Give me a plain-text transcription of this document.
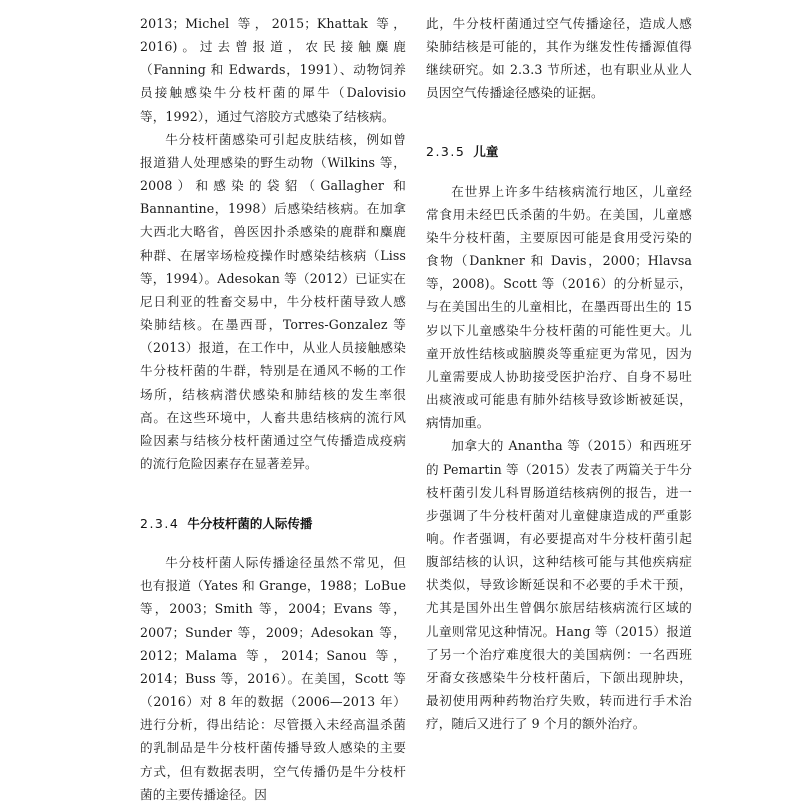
2013；Michel 等，2015；Khattak 等，2016)。过去曾报道，农民接触麋鹿（Fanning 和 Edwards，1991）、动物饲养员接触感染牛分枝杆菌的犀牛（Dalovisio 等，1992），通过气溶胶方式感染了结核病。

牛分枝杆菌感染可引起皮肤结核，例如曾报道猎人处理感染的野生动物（Wilkins 等，2008）和感染的袋貂（Gallagher 和 Bannantine，1998）后感染结核病。在加拿大西北大略省，兽医因扑杀感染的鹿群和麋鹿种群、在屠宰场检疫操作时感染结核病（Liss 等，1994）。Adesokan 等（2012）已证实在尼日利亚的牲畜交易中，牛分枝杆菌导致人感染肺结核。在墨西哥，Torres-Gonzalez 等（2013）报道，在工作中，从业人员接触感染牛分枝杆菌的牛群，特别是在通风不畅的工作场所，结核病潜伏感染和肺结核的发生率很高。在这些环境中，人畜共患结核病的流行风险因素与结核分枝杆菌通过空气传播造成疫病的流行危险因素存在显著差异。

2.3.4 牛分枝杆菌的人际传播

牛分枝杆菌人际传播途径虽然不常见，但也有报道（Yates 和 Grange，1988；LoBue 等，2003；Smith 等，2004；Evans 等，2007；Sunder 等，2009；Adesokan 等，2012；Malama 等，2014；Sanou 等，2014；Buss 等，2016）。在美国，Scott 等（2016）对 8 年的数据（2006—2013 年）进行分析，得出结论：尽管摄入未经高温杀菌的乳制品是牛分枝杆菌传播导致人感染的主要方式，但有数据表明，空气传播仍是牛分枝杆菌的主要传播途径。因

此，牛分枝杆菌通过空气传播途径，造成人感染肺结核是可能的，其作为继发性传播源值得继续研究。如 2.3.3 节所述，也有职业从业人员因空气传播途径感染的证据。

2.3.5 儿童

在世界上许多牛结核病流行地区，儿童经常食用未经巴氏杀菌的牛奶。在美国，儿童感染牛分枝杆菌，主要原因可能是食用受污染的食物（Dankner 和 Davis，2000；Hlavsa 等，2008)。Scott 等（2016）的分析显示，与在美国出生的儿童相比，在墨西哥出生的 15 岁以下儿童感染牛分枝杆菌的可能性更大。儿童开放性结核或脑膜炎等重症更为常见，因为儿童需要成人协助接受医护治疗、自身不易吐出痰液或可能患有肺外结核导致诊断被延误，病情加重。

加拿大的 Anantha 等（2015）和西班牙的 Pemartin 等（2015）发表了两篇关于牛分枝杆菌引发儿科胃肠道结核病例的报告，进一步强调了牛分枝杆菌对儿童健康造成的严重影响。作者强调，有必要提高对牛分枝杆菌引起腹部结核的认识，这种结核可能与其他疾病症状类似，导致诊断延误和不必要的手术干预，尤其是国外出生曾偶尔旅居结核病流行区域的儿童则常见这种情况。Hang 等（2015）报道了另一个治疗难度很大的美国病例：一名西班牙裔女孩感染牛分枝杆菌后，下颌出现肿块，最初使用两种药物治疗失败，转而进行手术治疗，随后又进行了 9 个月的额外治疗。
